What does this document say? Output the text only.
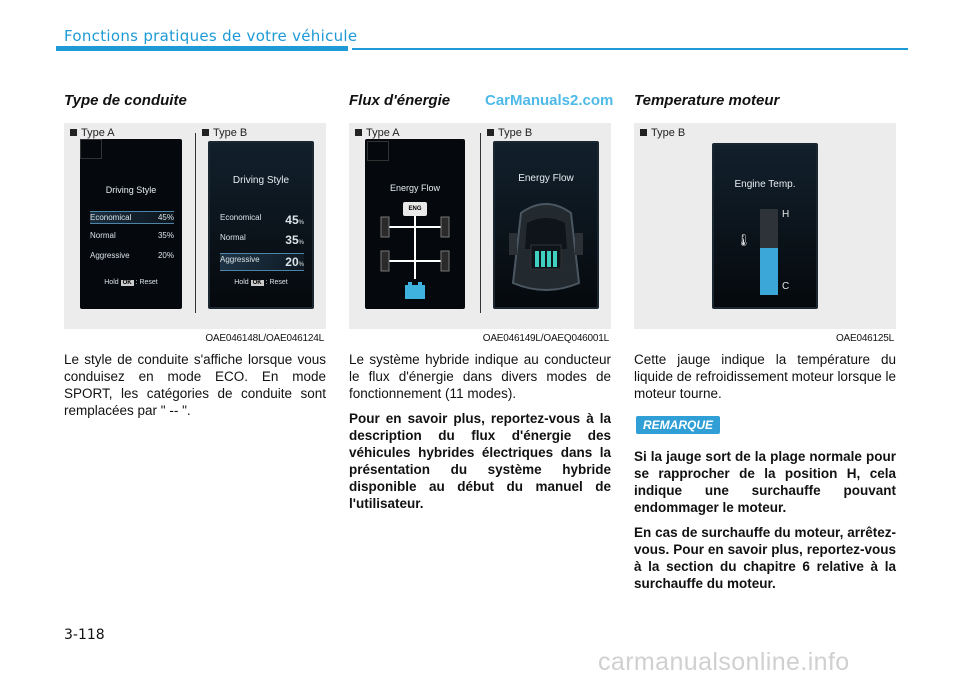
Fonctions pratiques de votre véhicule
CarManuals2.com
Type de conduite
Type A	Type B
Driving Style
Economical	45%
Normal	35%
Aggressive	20%
Hold OK : Reset
Driving Style
Economical 45%
Normal	35%
Aggressive 20%
Hold OK : Reset
OAE046148L/OAE046124L
Le style de conduite s'affiche lorsque vous conduisez en mode ECO. En mode SPORT, les catégories de conduite sont remplacées par " -- ".
Flux d'énergie
Type A	Type B
Energy Flow
ENG
Energy Flow
OAE046149L/OAEQ046001L
Le système hybride indique au conducteur le flux d'énergie dans divers modes de fonctionnement (11 modes).
Pour en savoir plus, reportez-vous à la description du flux d'énergie des véhicules hybrides électriques dans la présentation du système hybride disponible au début du manuel de l'utilisateur.
Temperature moteur
Type B
Engine Temp.
🌡
H
C
OAE046125L
Cette jauge indique la température du liquide de refroidissement moteur lorsque le moteur tourne.
REMARQUE
Si la jauge sort de la plage normale pour se rapprocher de la position H, cela indique une surchauffe pouvant endommager le moteur.
En cas de surchauffe du moteur, arrêtez-vous. Pour en savoir plus, reportez-vous à la section du chapitre 6 relative à la surchauffe du moteur.
3-118
carmanualsonline.info
